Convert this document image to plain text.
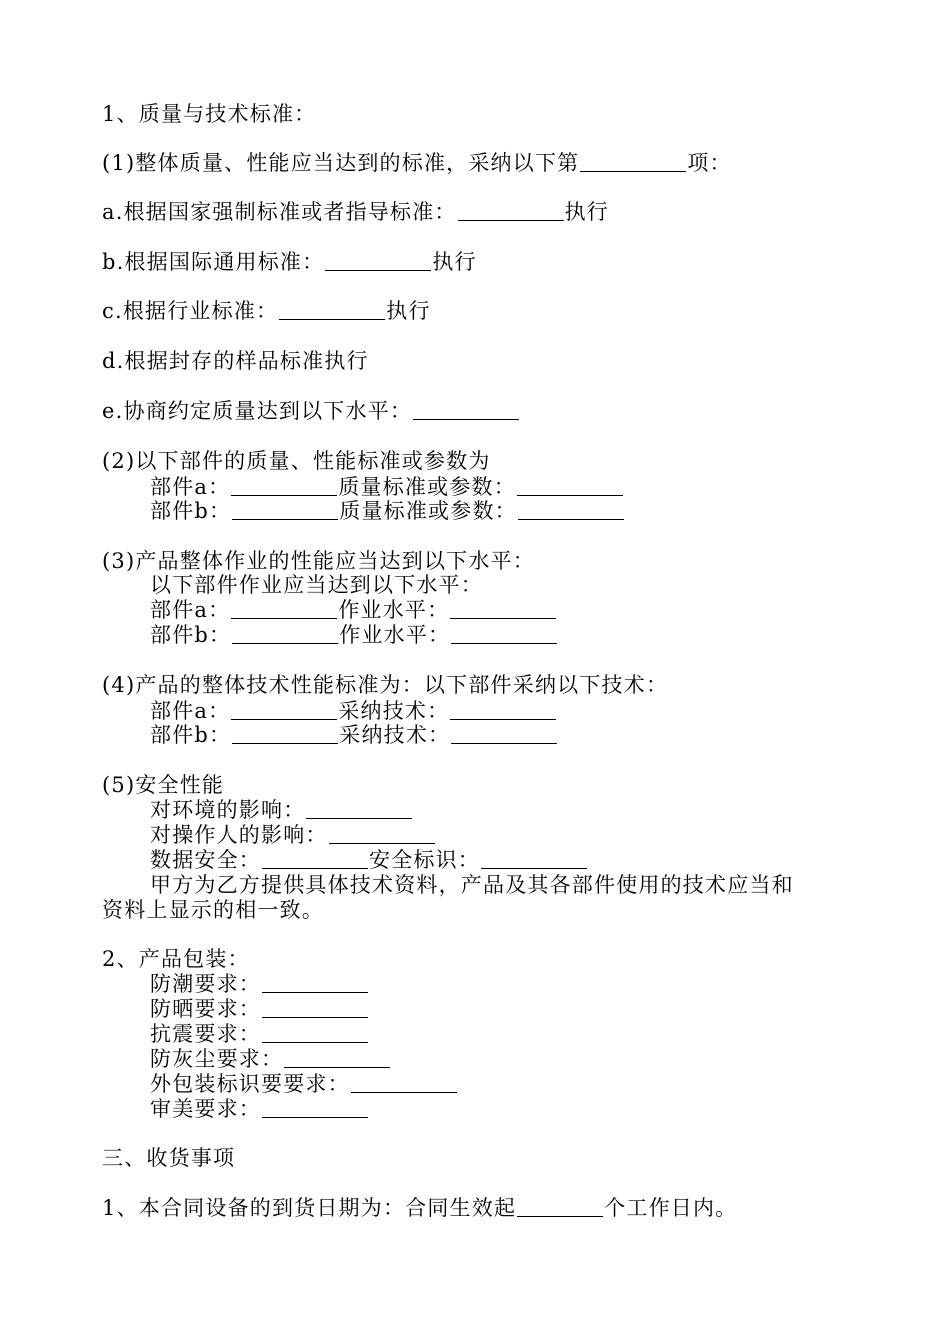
1、质量与技术标准：
(1)整体质量、性能应当达到的标准，采纳以下第	项：
a.根据国家强制标准或者指导标准：	执行
b.根据国际通用标准：	执行
c.根据行业标准：	执行
d.根据封存的样品标准执行
e.协商约定质量达到以下水平：
(2)以下部件的质量、性能标准或参数为
部件a：	质量标准或参数：
部件b：	质量标准或参数：
(3)产品整体作业的性能应当达到以下水平：
以下部件作业应当达到以下水平：
部件a：	作业水平：
部件b：	作业水平：
(4)产品的整体技术性能标准为：以下部件采纳以下技术：
部件a：	采纳技术：
部件b：	采纳技术：
(5)安全性能
对环境的影响：
对操作人的影响：
数据安全：	安全标识：
甲方为乙方提供具体技术资料，产品及其各部件使用的技术应当和
资料上显示的相一致。
2、产品包装：
防潮要求：
防晒要求：
抗震要求：
防灰尘要求：
外包装标识要要求：
审美要求：
三、收货事项
1、本合同设备的到货日期为：合同生效起	个工作日内。
